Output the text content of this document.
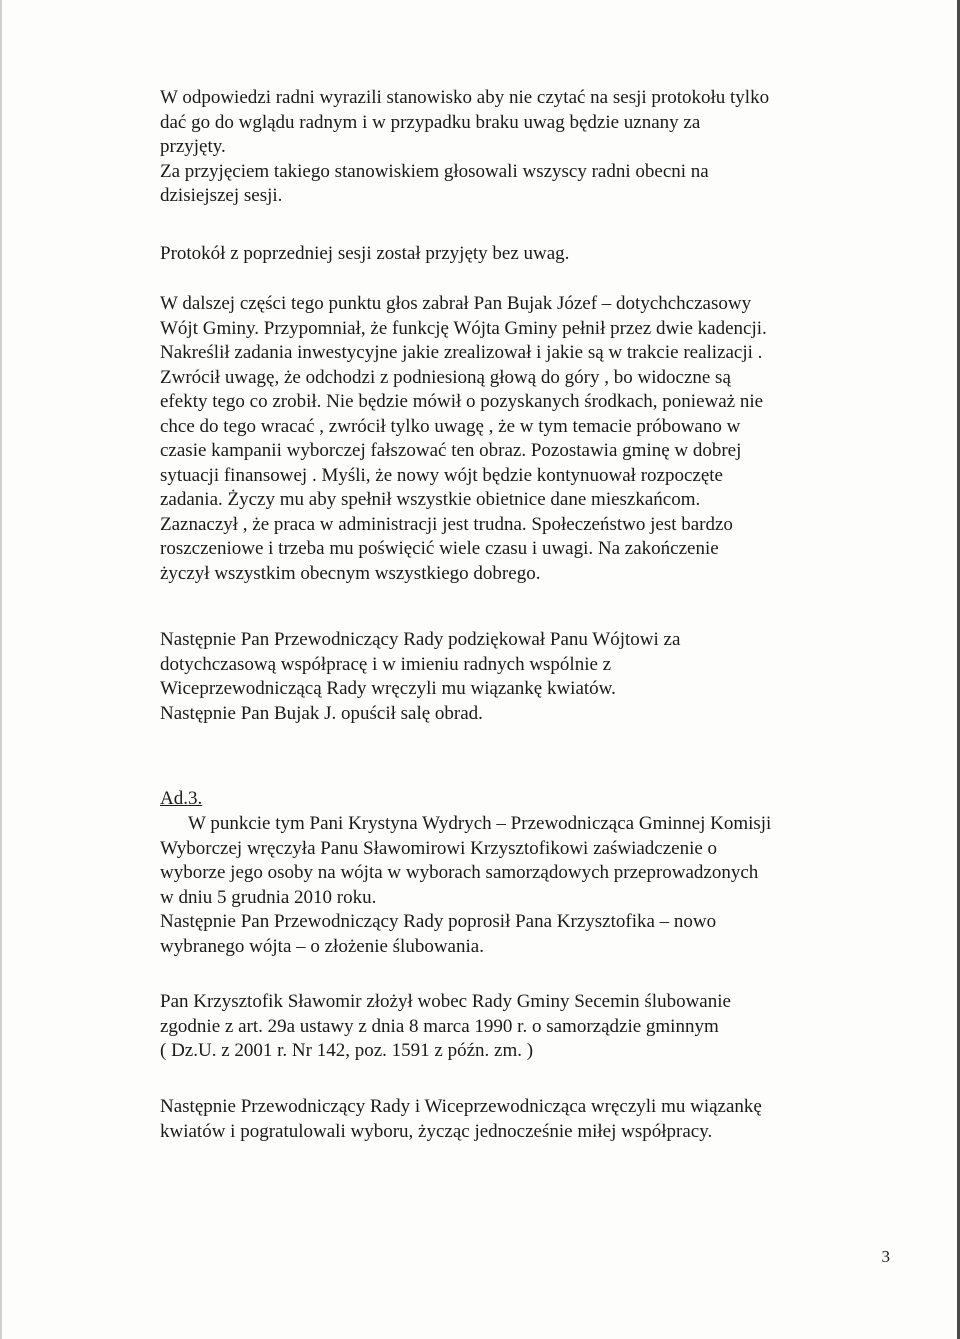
W odpowiedzi radni wyrazili stanowisko aby nie czytać na sesji protokołu tylko

dać go do wglądu radnym i w przypadku braku uwag będzie uznany za

przyjęty.

Za przyjęciem takiego stanowiskiem głosowali wszyscy radni obecni na

dzisiejszej sesji.

Protokół z poprzedniej sesji został przyjęty bez uwag.

W dalszej części tego punktu głos zabrał Pan Bujak Józef – dotychchczasowy

Wójt Gminy. Przypomniał, że funkcję Wójta Gminy pełnił przez dwie kadencji.

Nakreślił zadania inwestycyjne jakie zrealizował i jakie są w trakcie realizacji .

Zwrócił uwagę, że odchodzi z podniesioną głową do góry , bo widoczne są

efekty tego co zrobił. Nie będzie mówił o pozyskanych środkach, ponieważ nie

chce do tego wracać , zwrócił tylko uwagę , że w tym temacie próbowano w

czasie kampanii wyborczej fałszować ten obraz. Pozostawia gminę w dobrej

sytuacji finansowej . Myśli, że nowy wójt będzie kontynuował rozpoczęte

zadania. Życzy mu aby spełnił wszystkie obietnice dane mieszkańcom.

Zaznaczył , że praca w administracji jest trudna. Społeczeństwo jest bardzo

roszczeniowe i trzeba mu poświęcić wiele czasu i uwagi. Na zakończenie

życzył wszystkim obecnym wszystkiego dobrego.

Następnie Pan Przewodniczący Rady podziękował Panu Wójtowi za

dotychczasową współpracę i w imieniu radnych wspólnie z

Wiceprzewodniczącą Rady wręczyli mu wiązankę kwiatów.

Następnie Pan Bujak J. opuścił salę obrad.

Ad.3.

W punkcie tym Pani Krystyna Wydrych – Przewodnicząca Gminnej Komisji

Wyborczej wręczyła Panu Sławomirowi Krzysztofikowi zaświadczenie o

wyborze jego osoby na wójta w wyborach samorządowych przeprowadzonych

w dniu 5 grudnia 2010 roku.

Następnie Pan Przewodniczący Rady poprosił Pana Krzysztofika – nowo

wybranego wójta – o złożenie ślubowania.

Pan Krzysztofik Sławomir złożył wobec Rady Gminy Secemin ślubowanie

zgodnie z art. 29a ustawy z dnia 8 marca 1990 r. o samorządzie gminnym

( Dz.U. z 2001 r. Nr 142, poz. 1591 z późn. zm. )

Następnie Przewodniczący Rady i Wiceprzewodnicząca wręczyli mu wiązankę

kwiatów i pogratulowali wyboru, życząc jednocześnie miłej współpracy.

3
